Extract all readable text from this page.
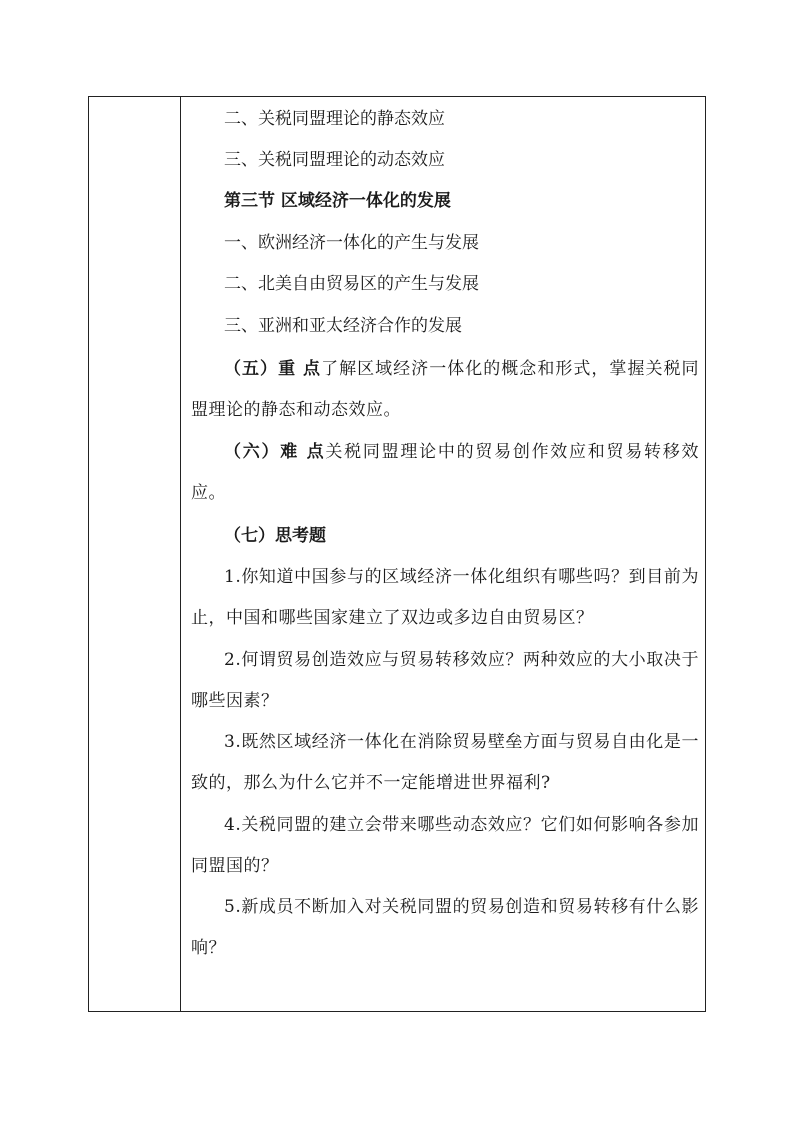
二、关税同盟理论的静态效应
三、关税同盟理论的动态效应
第三节 区域经济一体化的发展
一、欧洲经济一体化的产生与发展
二、北美自由贸易区的产生与发展
三、亚洲和亚太经济合作的发展
（五）重 点了解区域经济一体化的概念和形式，掌握关税同盟理论的静态和动态效应。
（六）难 点关税同盟理论中的贸易创作效应和贸易转移效应。
（七）思考题
1.你知道中国参与的区域经济一体化组织有哪些吗？到目前为止，中国和哪些国家建立了双边或多边自由贸易区？
2.何谓贸易创造效应与贸易转移效应？两种效应的大小取决于哪些因素？
3.既然区域经济一体化在消除贸易壁垒方面与贸易自由化是一致的，那么为什么它并不一定能增进世界福利?
4.关税同盟的建立会带来哪些动态效应？它们如何影响各参加同盟国的？
5.新成员不断加入对关税同盟的贸易创造和贸易转移有什么影响？
